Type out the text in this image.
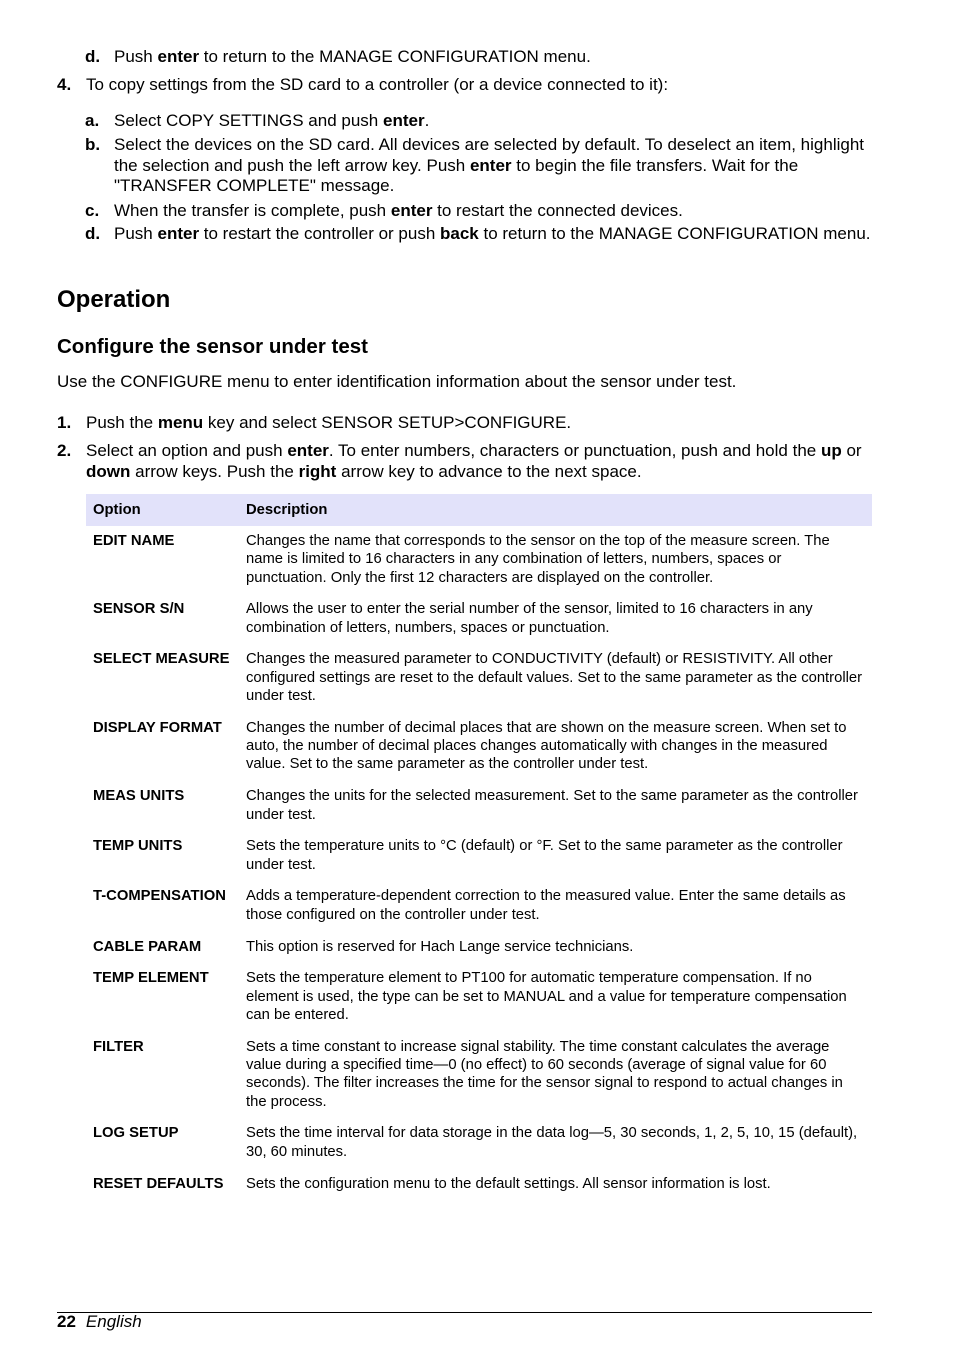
d. Push enter to return to the MANAGE CONFIGURATION menu.
4. To copy settings from the SD card to a controller (or a device connected to it):
a. Select COPY SETTINGS and push enter.
b. Select the devices on the SD card. All devices are selected by default. To deselect an item, highlight the selection and push the left arrow key. Push enter to begin the file transfers. Wait for the "TRANSFER COMPLETE" message.
c. When the transfer is complete, push enter to restart the connected devices.
d. Push enter to restart the controller or push back to return to the MANAGE CONFIGURATION menu.
Operation
Configure the sensor under test
Use the CONFIGURE menu to enter identification information about the sensor under test.
1. Push the menu key and select SENSOR SETUP>CONFIGURE.
2. Select an option and push enter. To enter numbers, characters or punctuation, push and hold the up or down arrow keys. Push the right arrow key to advance to the next space.
Option	Description
EDIT NAME	Changes the name that corresponds to the sensor on the top of the measure screen. The name is limited to 16 characters in any combination of letters, numbers, spaces or punctuation. Only the first 12 characters are displayed on the controller.
SENSOR S/N	Allows the user to enter the serial number of the sensor, limited to 16 characters in any combination of letters, numbers, spaces or punctuation.
SELECT MEASURE	Changes the measured parameter to CONDUCTIVITY (default) or RESISTIVITY. All other configured settings are reset to the default values. Set to the same parameter as the controller under test.
DISPLAY FORMAT	Changes the number of decimal places that are shown on the measure screen. When set to auto, the number of decimal places changes automatically with changes in the measured value. Set to the same parameter as the controller under test.
MEAS UNITS	Changes the units for the selected measurement. Set to the same parameter as the controller under test.
TEMP UNITS	Sets the temperature units to °C (default) or °F. Set to the same parameter as the controller under test.
T-COMPENSATION	Adds a temperature-dependent correction to the measured value. Enter the same details as those configured on the controller under test.
CABLE PARAM	This option is reserved for Hach Lange service technicians.
TEMP ELEMENT	Sets the temperature element to PT100 for automatic temperature compensation. If no element is used, the type can be set to MANUAL and a value for temperature compensation can be entered.
FILTER	Sets a time constant to increase signal stability. The time constant calculates the average value during a specified time—0 (no effect) to 60 seconds (average of signal value for 60 seconds). The filter increases the time for the sensor signal to respond to actual changes in the process.
LOG SETUP	Sets the time interval for data storage in the data log—5, 30 seconds, 1, 2, 5, 10, 15 (default), 30, 60 minutes.
RESET DEFAULTS	Sets the configuration menu to the default settings. All sensor information is lost.
22 English
